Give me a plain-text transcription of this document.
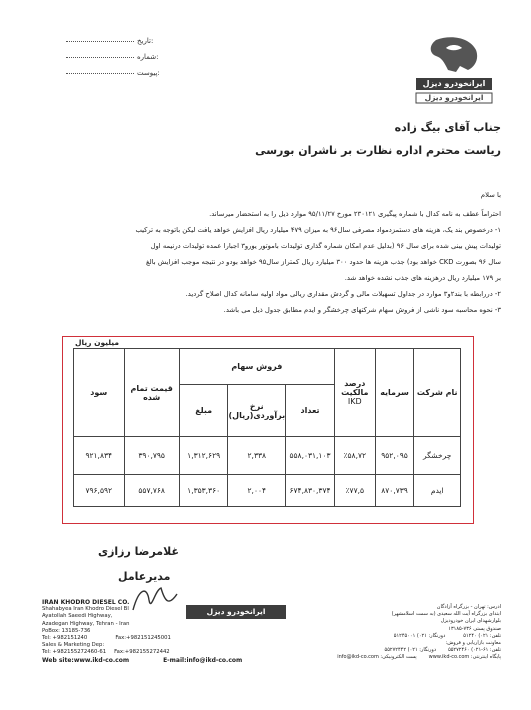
تاریخ:
شماره:
پیوست:
ایرانخودرو دیزل
ایرانخودرو دیزل
جناب آقای بیگ زاده
ریاست محترم اداره نظارت بر ناشران بورسی
با سلام
احتراماً عطف به نامه کدال با شماره پیگیری ۲۳۰۱۲۱ مورخ ۹۵/۱۱/۲۷ موارد ذیل را به استحضار میرساند.
۱- درخصوص بند یک، هزینه های دستمزدمواد مصرفی سال۹۶ به میزان ۴۷۹ میلیارد ریال افزایش خواهد یافت لیکن باتوجه به ترکیب
تولیدات پیش بینی شده برای سال ۹۶ (بدلیل عدم امکان شماره گذاری تولیدات باموتور یورو۳ اجبارا عمده تولیدات درنیمه اول
سال ۹۶ بصورت CKD خواهد بود) جذب هزینه ها حدود ۳۰۰ میلیارد ریال کمتراز سال۹۵ خواهد بودو در نتیجه موجب افزایش بالغ
بر ۱۷۹ میلیارد ریال درهزینه های جذب نشده خواهد شد.
۲- دررابطه با بند۲و۳ موارد در جداول تسهیلات مالی و گردش مقداری ریالی مواد اولیه سامانه کدال اصلاح گردید.
۳- نحوه محاسبه سود ناشی از فروش سهام شرکتهای چرخشگر و ایدم مطابق جدول ذیل می باشد.
میلیون ریال
نام شرکت	سرمایه	درصد مالکیت
IKD	فروش سهام			قیمت تمام شده	سود
			تعداد	نرخ برآوردی(ریال)	مبلغ		
چرخشگر	۹۵۲,۰۹۵	٪۵۸,۷۲	۵۵۸,۰۳۱,۱۰۳	۲,۳۳۸	۱,۳۱۲,۶۲۹	۳۹۰,۷۹۵	۹۲۱,۸۳۴
ایدم	۸۷۰,۷۳۹	٪۷۷,۵	۶۷۴,۸۳۰,۳۷۴	۲,۰۰۴	۱,۳۵۳,۳۶۰	۵۵۷,۷۶۸	۷۹۶,۵۹۲
غلامرضا رزازی
مدیرعامل
ایرانخودرو دیزل
IRAN KHODRO DIESEL CO.
Shahabyea Iran Khodro Diesel Bl
Ayatollah Saeedi Highway,
Azadegan Highway, Tehran - Iran
PoBox: 13185-736
Tel: +982151240	Fax:+982151245001
Sales & Marketing Dep:
Tel: +982155272460-61 Fax:+982155272442
Web site:www.ikd-co.com	E-mail:info@ikd-co.com
ادرس: تهران - بزرگراه آزادگان
ابتدای بزرگراه آیت الله سعیدی (به سمت اسلامشهر)
بلوارشهدای ایران خودرودیزل
صندوق پستی ۷۳۶-۱۳۱۸۵
تلفن: ۰۲۱) ۵۱۲۴۰دورنگار: ۰۲۱) ۵۱۲۴۵۰۰۱
معاونت بازاریابی و فروش:
تلفن: ۶۱-۰۲۱) ۵۵۲۷۲۴۶۰دورنگار: ۰۲۱) ۵۵۲۷۲۴۴۲
پایگاه اینترنتی: www.ikd-co.comپست الکترونیکی: info@ikd-co.com
